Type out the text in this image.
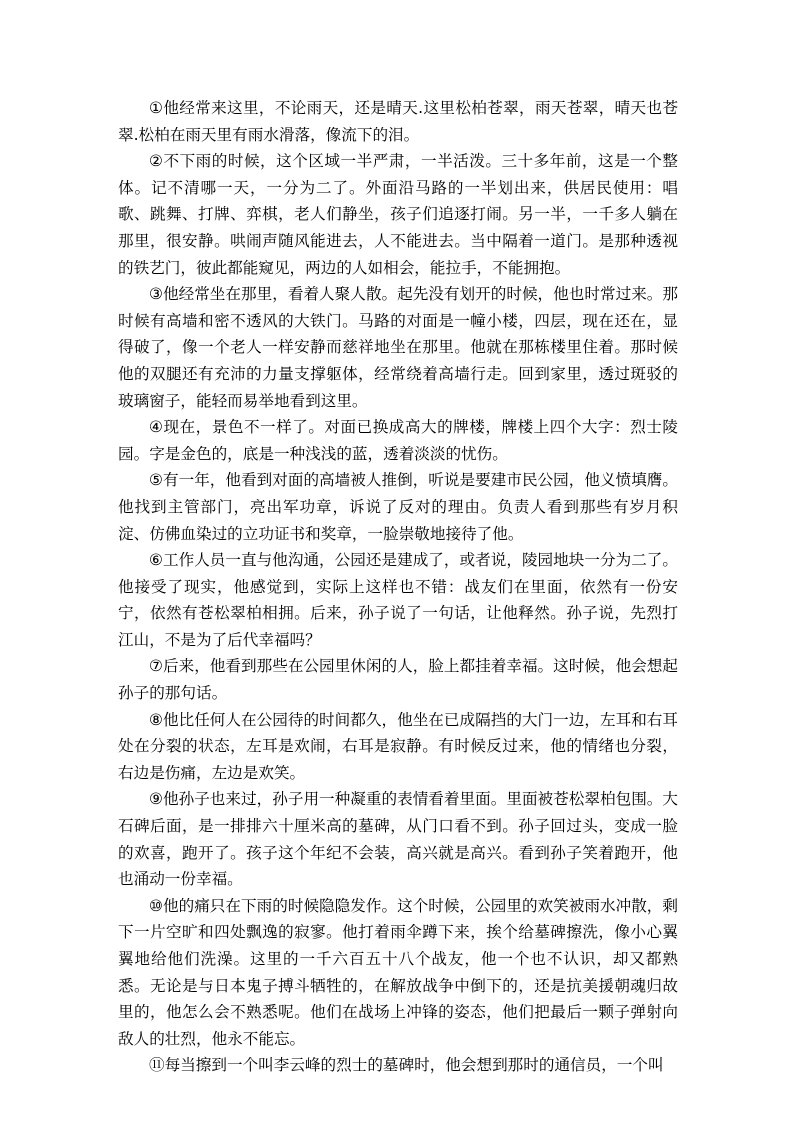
①他经常来这里，不论雨天，还是晴天.这里松柏苍翠，雨天苍翠，晴天也苍翠.松柏在雨天里有雨水滑落，像流下的泪。

②不下雨的时候，这个区域一半严肃，一半活泼。三十多年前，这是一个整体。记不清哪一天，一分为二了。外面沿马路的一半划出来，供居民使用：唱歌、跳舞、打牌、弈棋，老人们静坐，孩子们追逐打闹。另一半，一千多人躺在那里，很安静。哄闹声随风能进去，人不能进去。当中隔着一道门。是那种透视的铁艺门，彼此都能窥见，两边的人如相会，能拉手，不能拥抱。

③他经常坐在那里，看着人聚人散。起先没有划开的时候，他也时常过来。那时候有高墙和密不透风的大铁门。马路的对面是一幢小楼，四层，现在还在，显得破了，像一个老人一样安静而慈祥地坐在那里。他就在那栋楼里住着。那时候他的双腿还有充沛的力量支撑躯体，经常绕着高墙行走。回到家里，透过斑驳的玻璃窗子，能轻而易举地看到这里。

④现在，景色不一样了。对面已换成高大的牌楼，牌楼上四个大字：烈士陵园。字是金色的，底是一种浅浅的蓝，透着淡淡的忧伤。

⑤有一年，他看到对面的高墙被人推倒，听说是要建市民公园，他义愤填膺。他找到主管部门，亮出军功章，诉说了反对的理由。负责人看到那些有岁月积淀、仿佛血染过的立功证书和奖章，一脸崇敬地接待了他。

⑥工作人员一直与他沟通，公园还是建成了，或者说，陵园地块一分为二了。他接受了现实，他感觉到，实际上这样也不错：战友们在里面，依然有一份安宁，依然有苍松翠柏相拥。后来，孙子说了一句话，让他释然。孙子说，先烈打江山，不是为了后代幸福吗？

⑦后来，他看到那些在公园里休闲的人，脸上都挂着幸福。这时候，他会想起孙子的那句话。

⑧他比任何人在公园待的时间都久，他坐在已成隔挡的大门一边，左耳和右耳处在分裂的状态，左耳是欢闹，右耳是寂静。有时候反过来，他的情绪也分裂，右边是伤痛，左边是欢笑。

⑨他孙子也来过，孙子用一种凝重的表情看着里面。里面被苍松翠柏包围。大石碑后面，是一排排六十厘米高的墓碑，从门口看不到。孙子回过头，变成一脸的欢喜，跑开了。孩子这个年纪不会装，高兴就是高兴。看到孙子笑着跑开，他也涌动一份幸福。

⑩他的痛只在下雨的时候隐隐发作。这个时候，公园里的欢笑被雨水冲散，剩下一片空旷和四处飘逸的寂寥。他打着雨伞蹲下来，挨个给墓碑擦洗，像小心翼翼地给他们洗澡。这里的一千六百五十八个战友，他一个也不认识，却又都熟悉。无论是与日本鬼子搏斗牺牲的，在解放战争中倒下的，还是抗美援朝魂归故里的，他怎么会不熟悉呢。他们在战场上冲锋的姿态，他们把最后一颗子弹射向敌人的壮烈，他永不能忘。

⑪每当擦到一个叫李云峰的烈士的墓碑时，他会想到那时的通信员，一个叫
